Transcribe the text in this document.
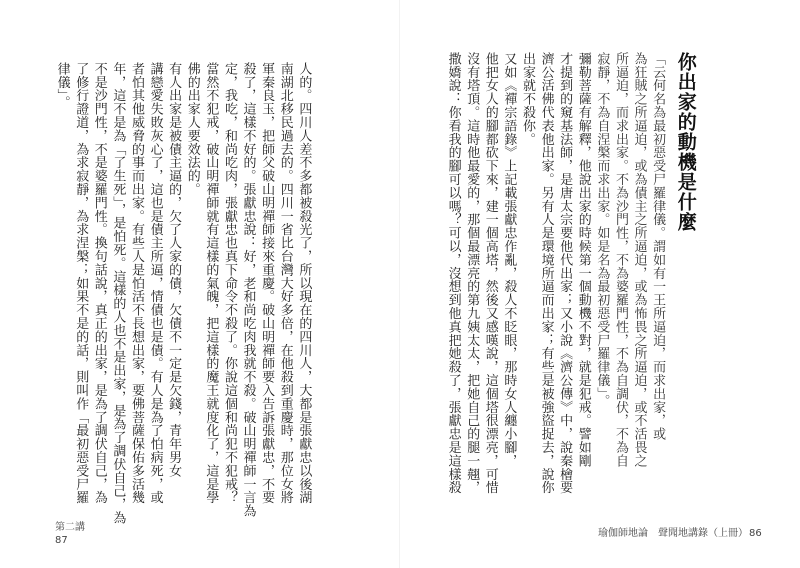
你出家的動機是什麼

「云何名為最初惡受尸羅律儀。謂如有一王所逼迫，而求出家，或

為狂賊之所逼迫，或為債主之所逼迫，或為怖畏之所逼迫，或不活畏之

所逼迫，而求出家。不為沙門性，不為婆羅門性，不為自調伏，不為自

寂靜，不為自涅槃而求出家。如是名為最初惡受尸羅律儀」。

彌勒菩薩有解釋，他說出家的時候第一個動機不對，就是犯戒。譬如剛

才提到的窺基法師，是唐太宗要他代出家；又小說《濟公傳》中，說秦檜要

濟公活佛代表他出家。另有人是環境所逼而出家；有些是被強盜捉去，說你

出家就不殺你。

又如《禪宗語錄》上記載張獻忠作亂，殺人不眨眼，那時女人纏小腳，

他把女人的腳都砍下來，建一個高塔，然後又感嘆說，這個塔很漂亮，可惜

沒有塔頂。這時他最愛的，那個最漂亮的第九姨太太，把她自己的腿一翹，

撒嬌說：你看我的腳可以嗎？可以，沒想到他真把她殺了，張獻忠是這樣殺

瑜伽師地論　聲聞地講錄（上冊） 86

人的。四川人差不多都被殺光了，所以現在的四川人，大都是張獻忠以後湖

南湖北移民過去的。四川一省比台灣大好多倍，在他殺到重慶時，那位女將

軍秦良玉，把師父破山明禪師接來重慶。破山明禪師要入告訴張獻忠，不要

殺了，這樣不好的。張獻忠說：好，老和尚吃肉我就不殺。破山明禪師一言為

定，我吃，和尚吃肉，張獻忠也真下命令不殺了。你說這個和尚犯不犯戒？

當然不犯戒，破山明禪師就有這樣的氣魄，把這樣的魔王就度化了，這是學

佛的出家人要效法的。

有人出家是被債主逼的，欠了人家的債，欠債不一定是欠錢，青年男女

講戀愛失敗灰心了，這也是債主所逼，情債也是債。有人是為了怕病死，或

者怕其他威脅的事而出家。有些人是怕活不長想出家，要佛菩薩保佑多活幾

年，這不是為「了生死」，是怕死。這樣的人也不是出家，是為了調伏自己，為

不是沙門性，不是婆羅門性。換句話說，真正的出家，是為了調伏自己，為

了修行證道，為求寂靜，為求涅槃；如果不是的話，則叫作「最初惡受尸羅

律儀」。

第二講
87
